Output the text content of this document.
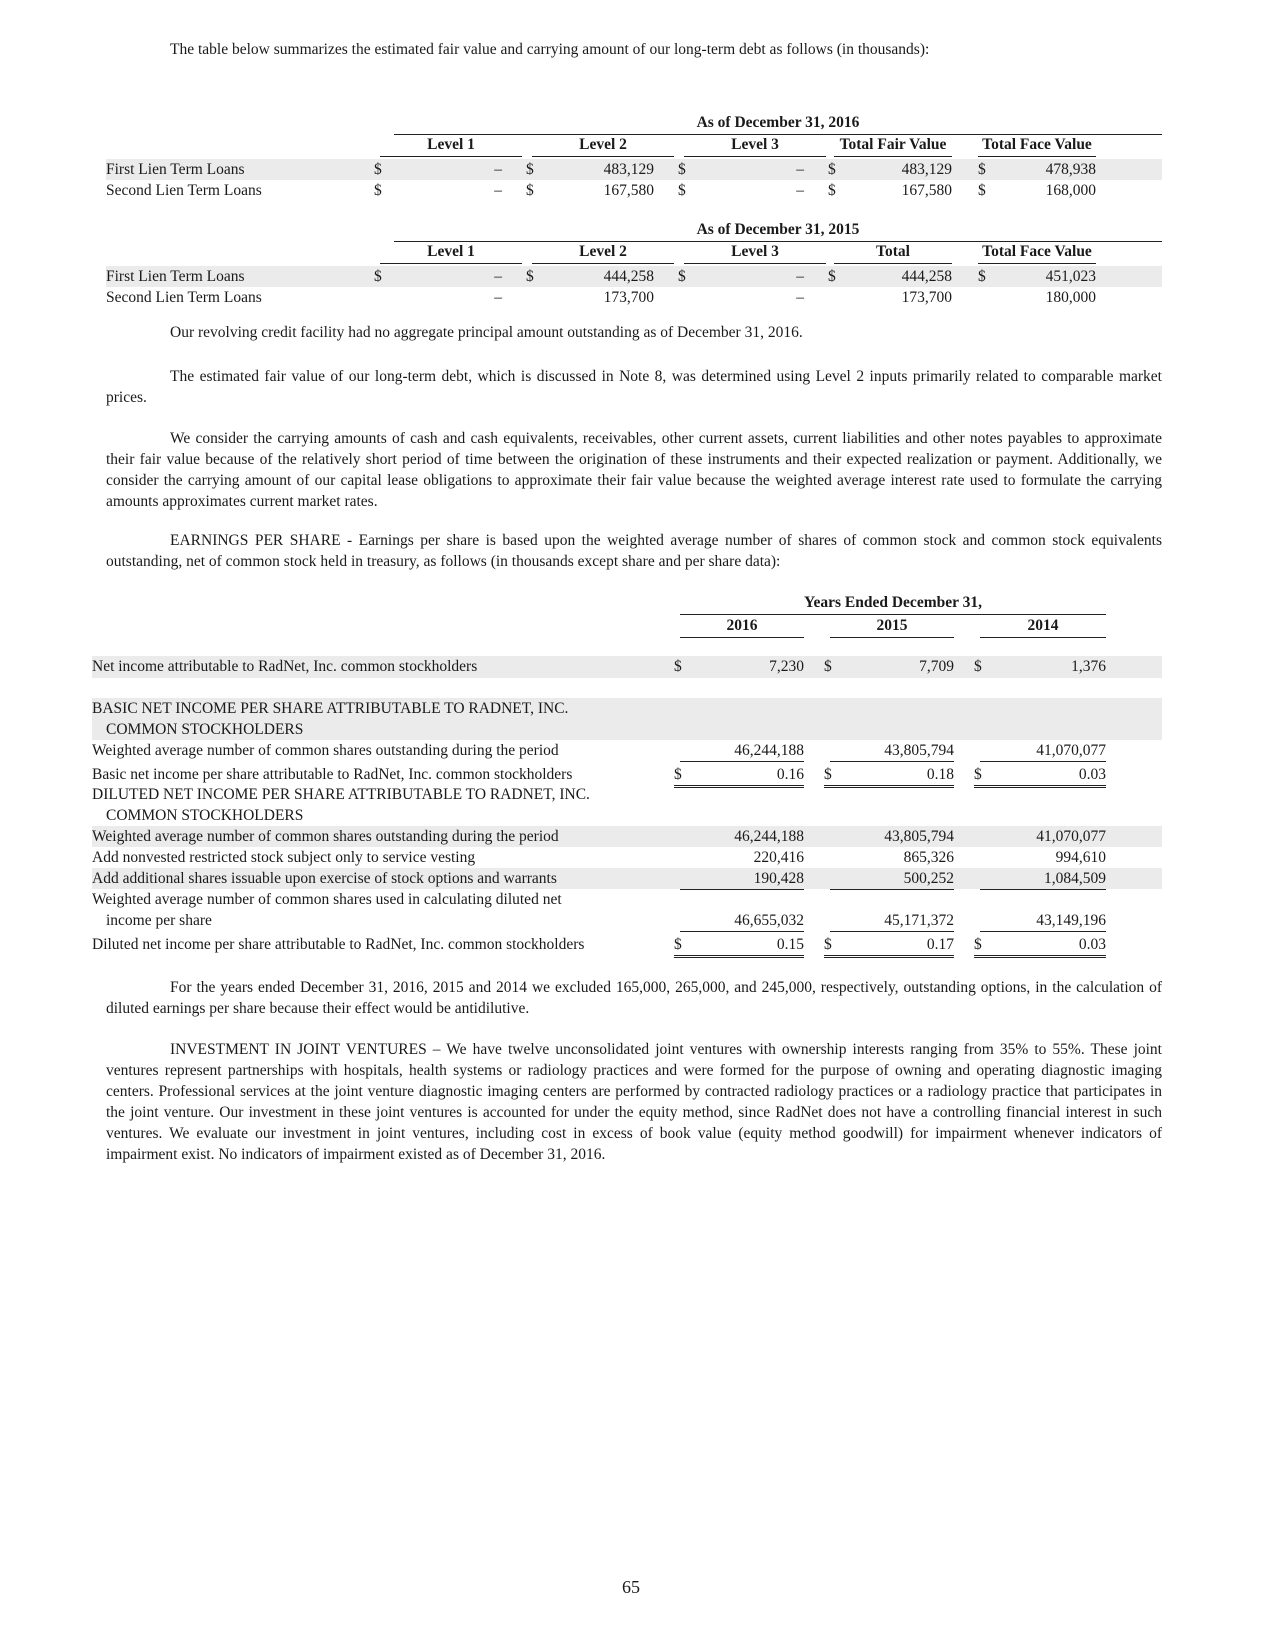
The table below summarizes the estimated fair value and carrying amount of our long-term debt as follows (in thousands):

As of December 31, 2016
Level 1	Level 2	Level 3	Total Fair Value	Total Face Value
First Lien Term Loans	$	– $	483,129 $	– $	483,129 $	478,938
Second Lien Term Loans	$	– $	167,580 $	– $	167,580 $	168,000
As of December 31, 2015
Level 1	Level 2	Level 3	Total	Total Face Value
First Lien Term Loans	$	– $	444,258 $	– $	444,258 $	451,023
Second Lien Term Loans	–	173,700	–	173,700	180,000

Our revolving credit facility had no aggregate principal amount outstanding as of December 31, 2016.

The estimated fair value of our long-term debt, which is discussed in Note 8, was determined using Level 2 inputs primarily related to comparable market prices.

We consider the carrying amounts of cash and cash equivalents, receivables, other current assets, current liabilities and other notes payables to approximate their fair value because of the relatively short period of time between the origination of these instruments and their expected realization or payment. Additionally, we consider the carrying amount of our capital lease obligations to approximate their fair value because the weighted average interest rate used to formulate the carrying amounts approximates current market rates.

EARNINGS PER SHARE - Earnings per share is based upon the weighted average number of shares of common stock and common stock equivalents outstanding, net of common stock held in treasury, as follows (in thousands except share and per share data):

Years Ended December 31,
2016	2015	2014
Net income attributable to RadNet, Inc. common stockholders	$	7,230 $	7,709 $	1,376
BASIC NET INCOME PER SHARE ATTRIBUTABLE TO RADNET, INC.
COMMON STOCKHOLDERS
Weighted average number of common shares outstanding during the period	46,244,188	43,805,794	41,070,077
Basic net income per share attributable to RadNet, Inc. common stockholders	$	0.16 $	0.18 $	0.03
DILUTED NET INCOME PER SHARE ATTRIBUTABLE TO RADNET, INC.
COMMON STOCKHOLDERS
Weighted average number of common shares outstanding during the period	46,244,188	43,805,794	41,070,077
Add nonvested restricted stock subject only to service vesting	220,416	865,326	994,610
Add additional shares issuable upon exercise of stock options and warrants	190,428	500,252	1,084,509
Weighted average number of common shares used in calculating diluted net
income per share	46,655,032	45,171,372	43,149,196
Diluted net income per share attributable to RadNet, Inc. common stockholders	$	0.15 $	0.17 $	0.03

For the years ended December 31, 2016, 2015 and 2014 we excluded 165,000, 265,000, and 245,000, respectively, outstanding options, in the calculation of diluted earnings per share because their effect would be antidilutive.

INVESTMENT IN JOINT VENTURES – We have twelve unconsolidated joint ventures with ownership interests ranging from 35% to 55%. These joint ventures represent partnerships with hospitals, health systems or radiology practices and were formed for the purpose of owning and operating diagnostic imaging centers. Professional services at the joint venture diagnostic imaging centers are performed by contracted radiology practices or a radiology practice that participates in the joint venture. Our investment in these joint ventures is accounted for under the equity method, since RadNet does not have a controlling financial interest in such ventures. We evaluate our investment in joint ventures, including cost in excess of book value (equity method goodwill) for impairment whenever indicators of impairment exist. No indicators of impairment existed as of December 31, 2016.

65
